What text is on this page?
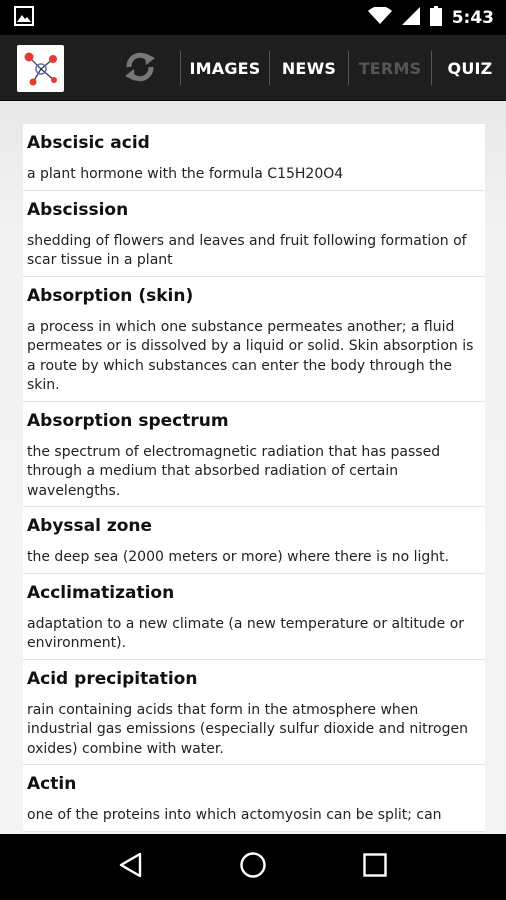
5:43
IMAGES	NEWS	TERMS	QUIZ
Abscisic acid
a plant hormone with the formula C15H20O4
Abscission
shedding of flowers and leaves and fruit following formation of scar tissue in a plant
Absorption (skin)
a process in which one substance permeates another; a fluid permeates or is dissolved by a liquid or solid. Skin absorption is a route by which substances can enter the body through the skin.
Absorption spectrum
the spectrum of electromagnetic radiation that has passed through a medium that absorbed radiation of certain wavelengths.
Abyssal zone
the deep sea (2000 meters or more) where there is no light.
Acclimatization
adaptation to a new climate (a new temperature or altitude or environment).
Acid precipitation
rain containing acids that form in the atmosphere when industrial gas emissions (especially sulfur dioxide and nitrogen oxides) combine with water.
Actin
one of the proteins into which actomyosin can be split; can
